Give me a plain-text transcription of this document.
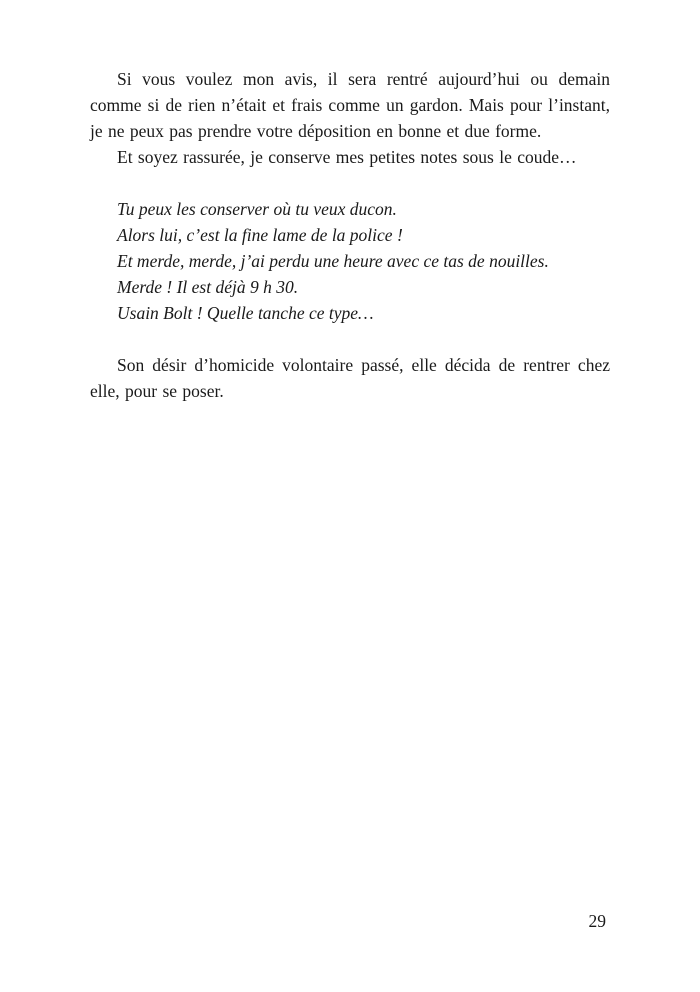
Si vous voulez mon avis, il sera rentré aujourd’hui ou demain comme si de rien n’était et frais comme un gardon. Mais pour l’instant, je ne peux pas prendre votre déposition en bonne et due forme.

Et soyez rassurée, je conserve mes petites notes sous le coude…

Tu peux les conserver où tu veux ducon.

Alors lui, c’est la fine lame de la police !

Et merde, merde, j’ai perdu une heure avec ce tas de nouilles.

Merde ! Il est déjà 9 h 30.

Usain Bolt ! Quelle tanche ce type…

Son désir d’homicide volontaire passé, elle décida de rentrer chez elle, pour se poser.

29
